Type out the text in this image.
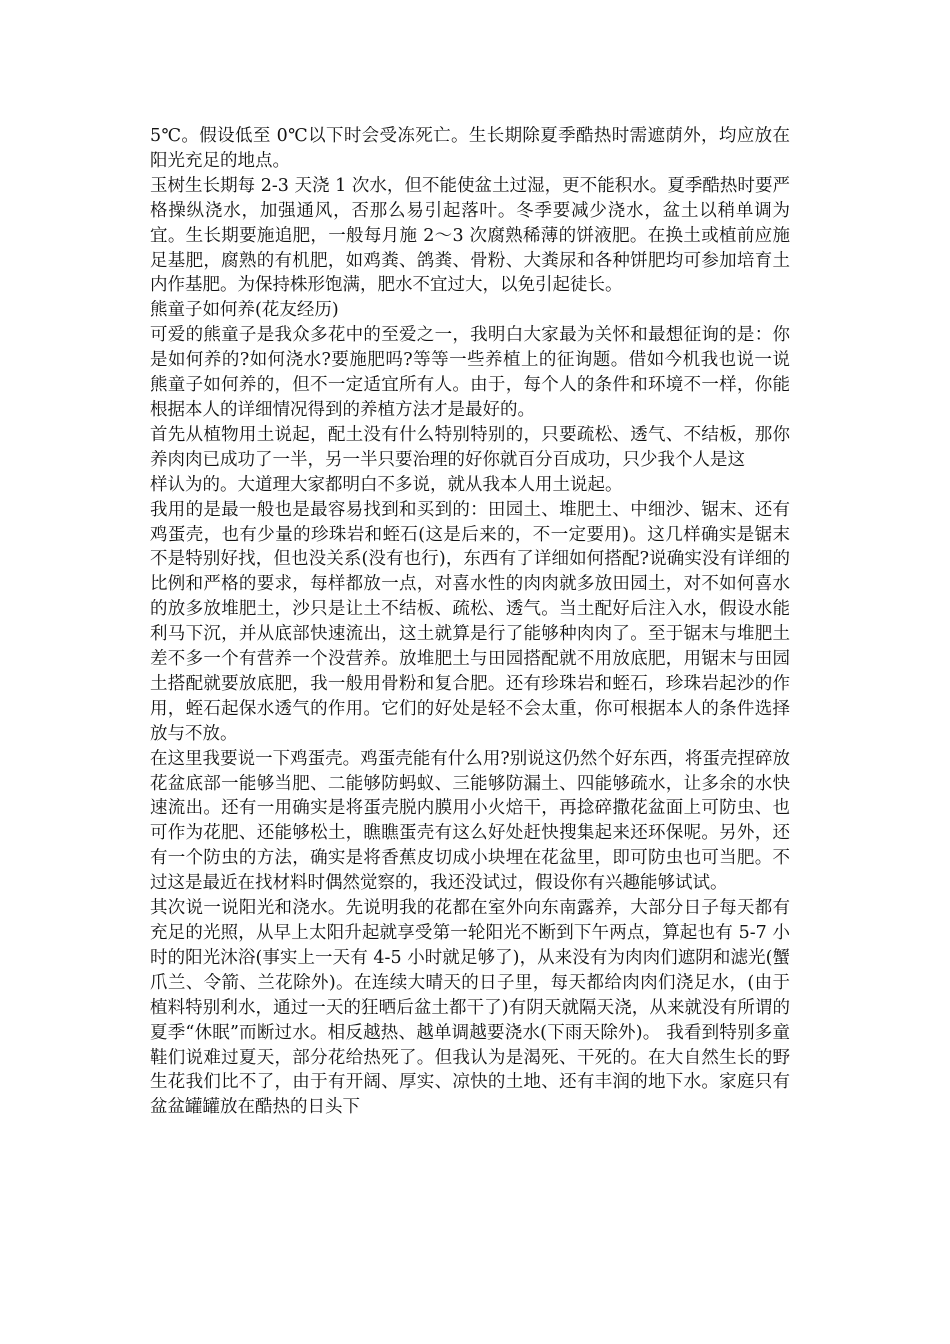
5℃。假设低至 0℃以下时会受冻死亡。生长期除夏季酷热时需遮荫外，均应放在阳光充足的地点。

玉树生长期每 2-3 天浇 1 次水，但不能使盆土过湿，更不能积水。夏季酷热时要严格操纵浇水，加强通风，否那么易引起落叶。冬季要减少浇水，盆土以稍单调为宜。生长期要施追肥，一般每月施 2～3 次腐熟稀薄的饼液肥。在换土或植前应施足基肥，腐熟的有机肥，如鸡粪、鸽粪、骨粉、大粪尿和各种饼肥均可参加培育土内作基肥。为保持株形饱满，肥水不宜过大，以免引起徒长。

熊童子如何养(花友经历)

可爱的熊童子是我众多花中的至爱之一，我明白大家最为关怀和最想征询的是：你是如何养的?如何浇水?要施肥吗?等等一些养植上的征询题。借如今机我也说一说熊童子如何养的，但不一定适宜所有人。由于，每个人的条件和环境不一样，你能根据本人的详细情况得到的养植方法才是最好的。

首先从植物用土说起，配土没有什么特别特别的，只要疏松、透气、不结板，那你养肉肉已成功了一半，另一半只要治理的好你就百分百成功，只少我个人是这

样认为的。大道理大家都明白不多说，就从我本人用土说起。

我用的是最一般也是最容易找到和买到的：田园土、堆肥土、中细沙、锯末、还有鸡蛋壳，也有少量的珍珠岩和蛭石(这是后来的，不一定要用)。这几样确实是锯末不是特别好找，但也没关系(没有也行)，东西有了详细如何搭配?说确实没有详细的比例和严格的要求，每样都放一点，对喜水性的肉肉就多放田园土，对不如何喜水的放多放堆肥土，沙只是让土不结板、疏松、透气。当土配好后注入水，假设水能利马下沉，并从底部快速流出，这土就算是行了能够种肉肉了。至于锯末与堆肥土差不多一个有营养一个没营养。放堆肥土与田园搭配就不用放底肥，用锯末与田园土搭配就要放底肥，我一般用骨粉和复合肥。还有珍珠岩和蛭石，珍珠岩起沙的作用，蛭石起保水透气的作用。它们的好处是轻不会太重，你可根据本人的条件选择放与不放。

在这里我要说一下鸡蛋壳。鸡蛋壳能有什么用?别说这仍然个好东西，将蛋壳捏碎放花盆底部一能够当肥、二能够防蚂蚁、三能够防漏土、四能够疏水，让多余的水快速流出。还有一用确实是将蛋壳脱内膜用小火焙干，再捻碎撒花盆面上可防虫、也可作为花肥、还能够松土，瞧瞧蛋壳有这么好处赶快搜集起来还环保呢。另外，还有一个防虫的方法，确实是将香蕉皮切成小块埋在花盆里，即可防虫也可当肥。不过这是最近在找材料时偶然觉察的，我还没试过，假设你有兴趣能够试试。

其次说一说阳光和浇水。先说明我的花都在室外向东南露养，大部分日子每天都有充足的光照，从早上太阳升起就享受第一轮阳光不断到下午两点，算起也有 5-7 小时的阳光沐浴(事实上一天有 4-5 小时就足够了)，从来没有为肉肉们遮阴和滤光(蟹爪兰、令箭、兰花除外)。在连续大晴天的日子里，每天都给肉肉们浇足水，(由于植料特别利水，通过一天的狂晒后盆土都干了)有阴天就隔天浇，从来就没有所谓的夏季“休眠”而断过水。相反越热、越单调越要浇水(下雨天除外)。 我看到特别多童鞋们说难过夏天，部分花给热死了。但我认为是渴死、干死的。在大自然生长的野生花我们比不了，由于有开阔、厚实、凉快的土地、还有丰润的地下水。家庭只有盆盆罐罐放在酷热的日头下
